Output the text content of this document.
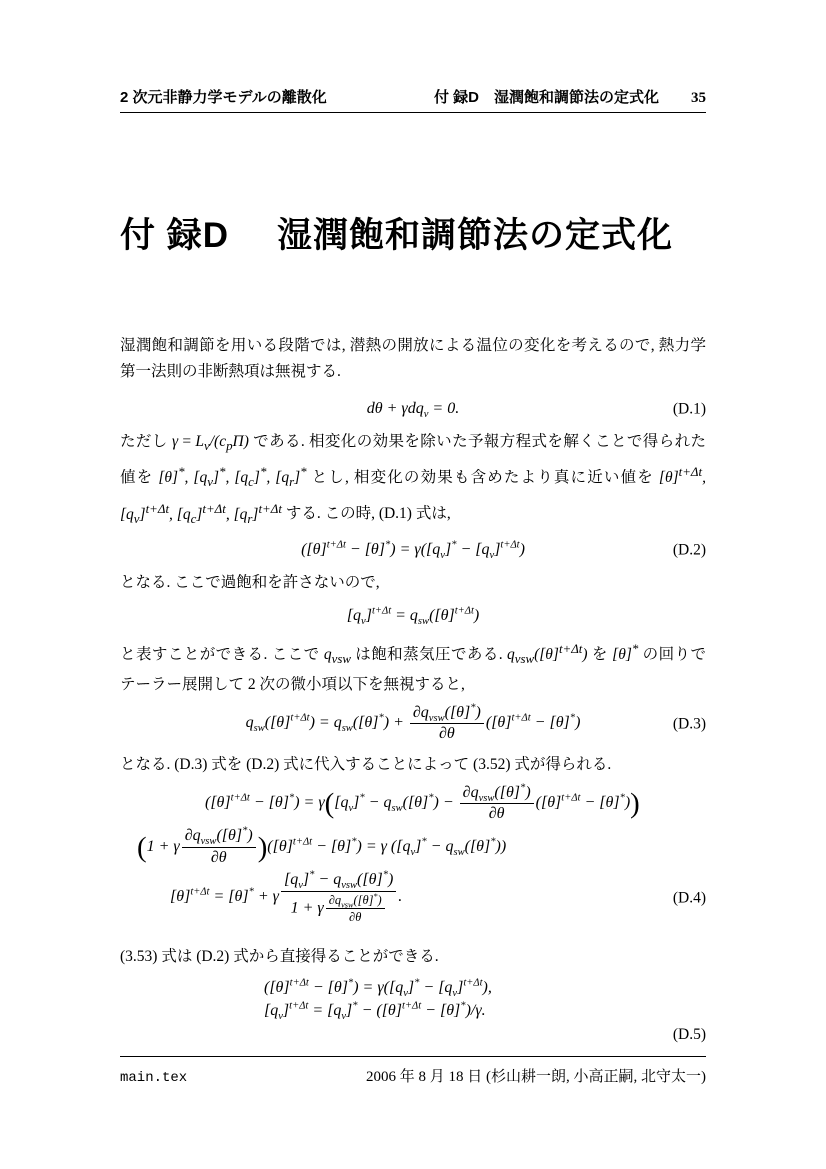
2 次元非静力学モデルの離散化	付 録D　湿潤飽和調節法の定式化 35
付 録D 湿潤飽和調節法の定式化

湿潤飽和調節を用いる段階では, 潜熱の開放による温位の変化を考えるので, 熱力学第一法則の非断熱項は無視する.

dθ + γdq$_v$ = 0.	(D.1)

ただし $\gamma = L_v/(c_p\Pi)$ である. 相変化の効果を除いた予報方程式を解くことで得られた値を [θ]*, $[q_v]^*$, $[q_c]^*$, $[q_r]^*$ とし, 相変化の効果も含めたより真に近い値を $[\theta]^{t+\Delta t}$, $[q_v]^{t+\Delta t}$, $[q_c]^{t+\Delta t}$, $[q_r]^{t+\Delta t}$ する. この時, (D.1) 式は,

$([\theta]^{t+\Delta t} - [\theta]^*) = \gamma([q_v]^* - [q_v]^{t+\Delta t})$	(D.2)

となる. ここで過飽和を許さないので,

$[q_v]^{t+\Delta t} = q_{sw}([\theta]^{t+\Delta t})$

と表すことができる. ここで $q_{vsw}$ は飽和蒸気圧である. $q_{vsw}([\theta]^{t+\Delta t})$ を [θ]* の回りでテーラー展開して 2 次の微小項以下を無視すると,

$q_{sw}([\theta]^{t+\Delta t}) = q_{sw}([\theta]^*) + \frac{\partial q_{vsw}([\theta]^*)}{\partial\theta} ([\theta]^{t+\Delta t} - [\theta]^*)$	(D.3)

となる. (D.3) 式を (D.2) 式に代入することによって (3.52) 式が得られる.

$([\theta]^{t+\Delta t} - [\theta]^*) = \gamma([q_v]^* - q_{sw}([\theta]^*) - \frac{\partial q_{vsw}([\theta]^*)}{\partial\theta} ([\theta]^{t+\Delta t} - [\theta]^*))$
(1 + γ $\frac{\partial q_{vsw}([\theta]^*)}{\partial\theta} )([\theta]^{t+\Delta t} - [\theta]^*) = \gamma$ $([q_v]^* - q_{sw}([\theta]^*))$
$[\theta]^{t+\Delta t} = [\theta]^* + \gamma \frac{[q_v]^* - q_{vsw}([\theta]^*)}{1 + \gamma \frac{\partial q_{vsw}([\theta]^*)}{\partial\theta}}$ .	(D.4)

(3.53) 式は (D.2) 式から直接得ることができる.

$([\theta]^{t+\Delta t} - [\theta]^*) = \gamma([q_v]^* - [q_v]^{t+\Delta t})$,
$[q_v]^{t+\Delta t} = [q_v]^* - ([\theta]^{t+\Delta t} - [\theta]^*)/\gamma$.
(D.5)
main.tex	2006 年 8 月 18 日 (杉山耕一朗, 小高正嗣, 北守太一)
